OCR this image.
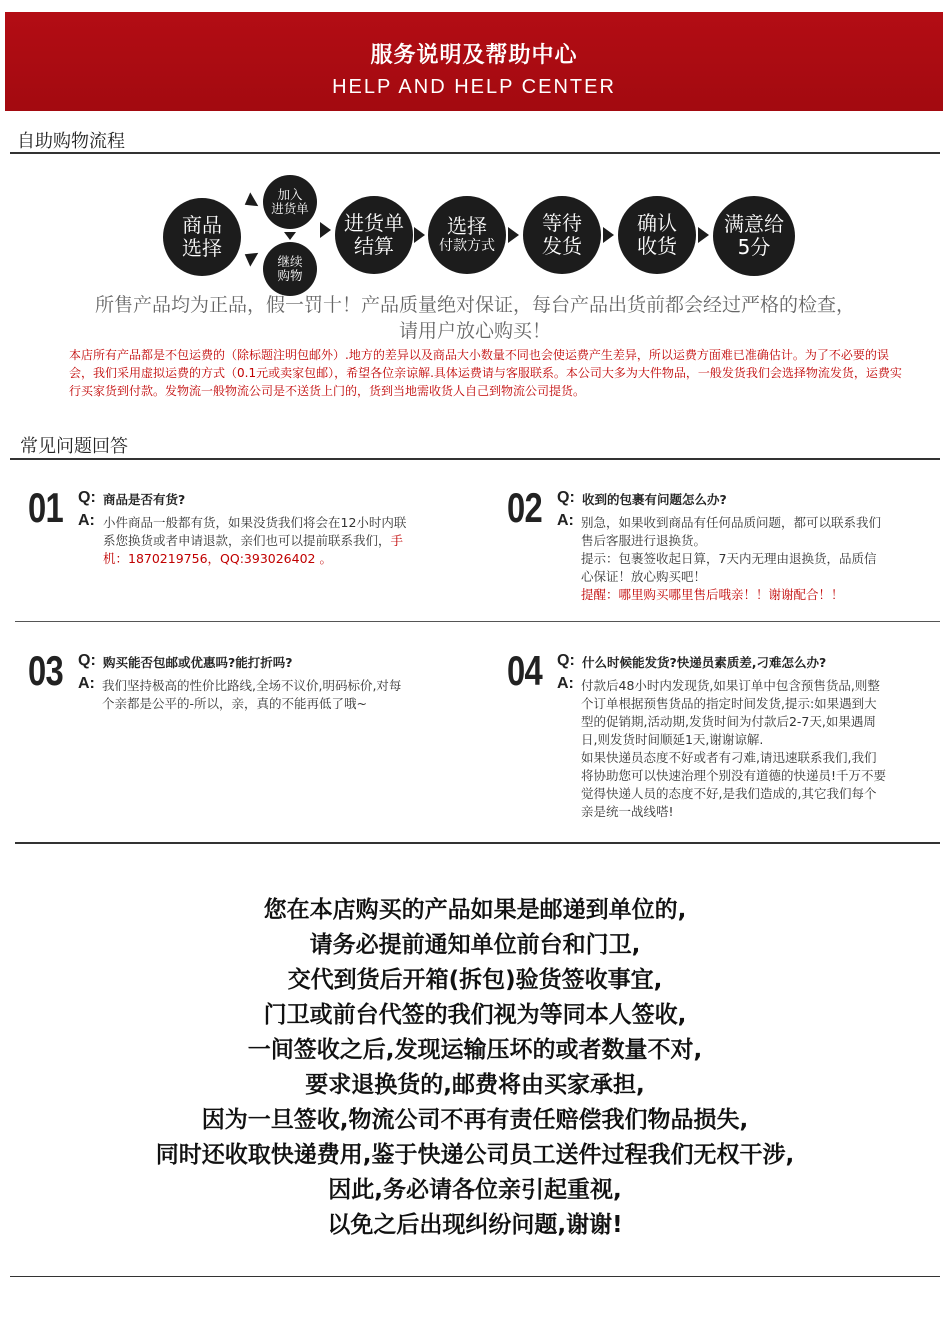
服务说明及帮助中心
HELP AND HELP CENTER
自助购物流程
商品
选择
加入
进货单
继续
购物
进货单
结算
选择
付款方式
等待
发货
确认
收货
满意给
5分
所售产品均为正品，假一罚十！产品质量绝对保证，每台产品出货前都会经过严格的检查，
请用户放心购买！
本店所有产品都是不包运费的（除标题注明包邮外）.地方的差异以及商品大小数量不同也会使运费产生差异，所以运费方面难已准确估计。为了不必要的误会，我们采用虚拟运费的方式（0.1元或卖家包邮），希望各位亲谅解.具体运费请与客服联系。本公司大多为大件物品，一般发货我们会选择物流发货，运费实行买家货到付款。发物流一般物流公司是不送货上门的，货到当地需收货人自己到物流公司提货。
常见问题回答
01 Q:
A:
商品是否有货?
小件商品一般都有货，如果没货我们将会在12小时内联
系您换货或者申请退款，亲们也可以提前联系我们，手
机：1870219756，QQ:393026402 。
02 Q:
A:
收到的包裹有问题怎么办?
别急，如果收到商品有任何品质问题，都可以联系我们
售后客服进行退换货。
提示：包裹签收起日算，7天内无理由退换货，品质信
心保证！放心购买吧！
提醒：哪里购买哪里售后哦亲！！谢谢配合！！
03 Q:
A:
购买能否包邮或优惠吗?能打折吗?
我们坚持极高的性价比路线,全场不议价,明码标价,对每
个亲都是公平的-所以，亲，真的不能再低了哦~
04 Q:
A:
什么时候能发货?快递员素质差,刁难怎么办?
付款后48小时内发现货,如果订单中包含预售货品,则整
个订单根据预售货品的指定时间发货,提示:如果遇到大
型的促销期,活动期,发货时间为付款后2-7天,如果遇周
日,则发货时间顺延1天,谢谢谅解.
如果快递员态度不好或者有刁难,请迅速联系我们,我们
将协助您可以快速治理个别没有道德的快递员!千万不要
觉得快递人员的态度不好,是我们造成的,其它我们每个
亲是统一战线嗒!
您在本店购买的产品如果是邮递到单位的,
请务必提前通知单位前台和门卫,
交代到货后开箱(拆包)验货签收事宜,
门卫或前台代签的我们视为等同本人签收,
一间签收之后,发现运输压坏的或者数量不对,
要求退换货的,邮费将由买家承担,
因为一旦签收,物流公司不再有责任赔偿我们物品损失,
同时还收取快递费用,鉴于快递公司员工送件过程我们无权干涉,
因此,务必请各位亲引起重视,
以免之后出现纠纷问题,谢谢!
